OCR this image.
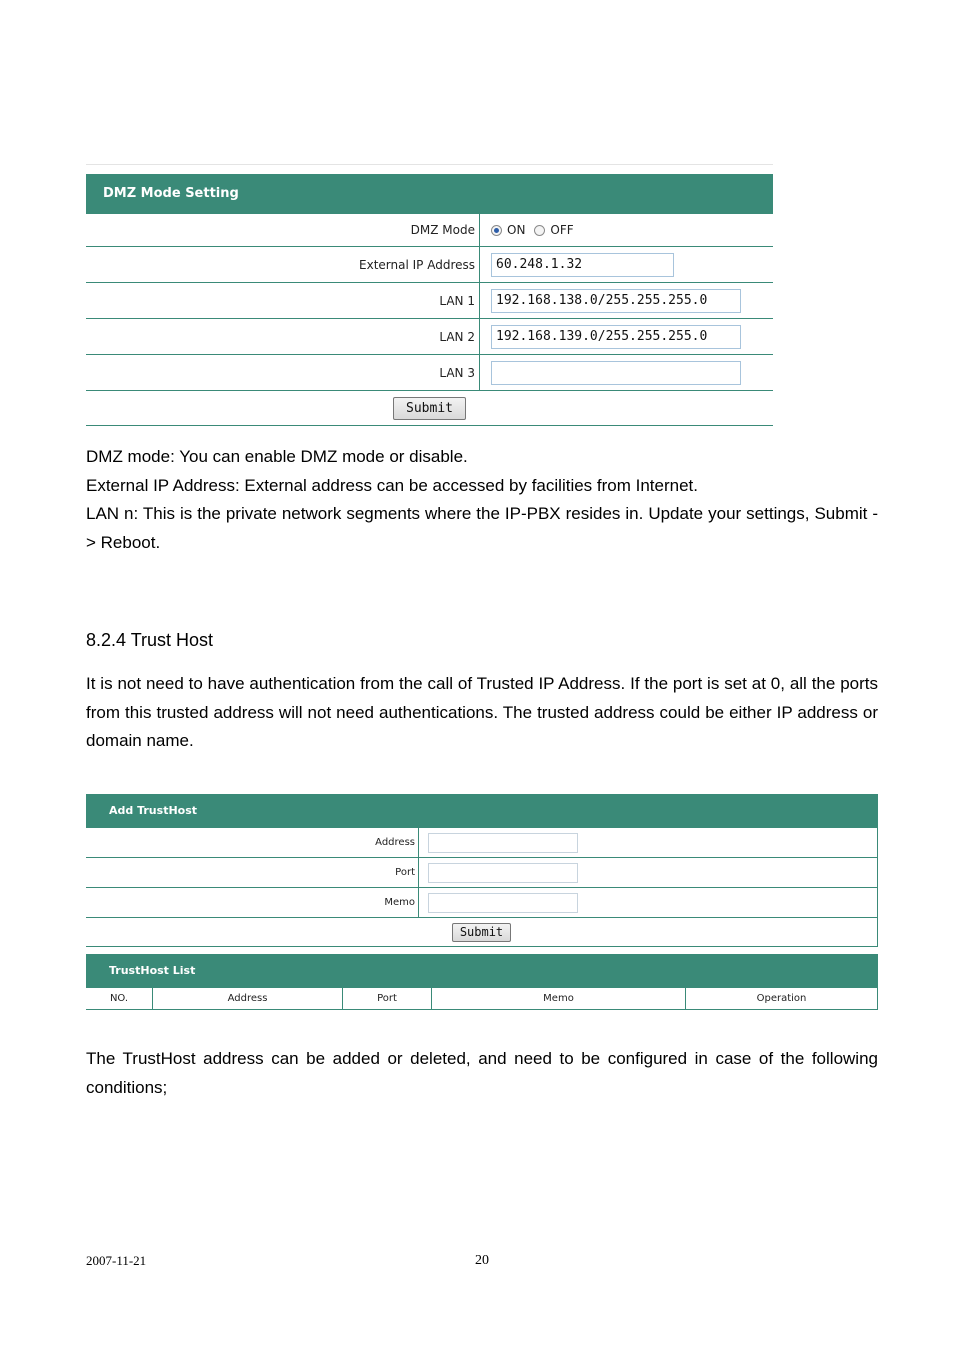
DMZ Mode Setting
DMZ Mode	ON OFF
External IP Address	60.248.1.32
LAN 1	192.168.138.0/255.255.255.0
LAN 2	192.168.139.0/255.255.255.0
LAN 3
Submit
DMZ mode: You can enable DMZ mode or disable.
External IP Address: External address can be accessed by facilities from Internet.
LAN n: This is the private network segments where the IP-PBX resides in. Update your settings, Submit -> Reboot.
8.2.4 Trust Host
It is not need to have authentication from the call of Trusted IP Address. If the port is set at 0, all the ports from this trusted address will not need authentications. The trusted address could be either IP address or domain name.
Add TrustHost
Address
Port
Memo
Submit
TrustHost List
NO.	Address	Port	Memo	Operation
The TrustHost address can be added or deleted, and need to be configured in case of the following conditions;
2007-11-21	20
